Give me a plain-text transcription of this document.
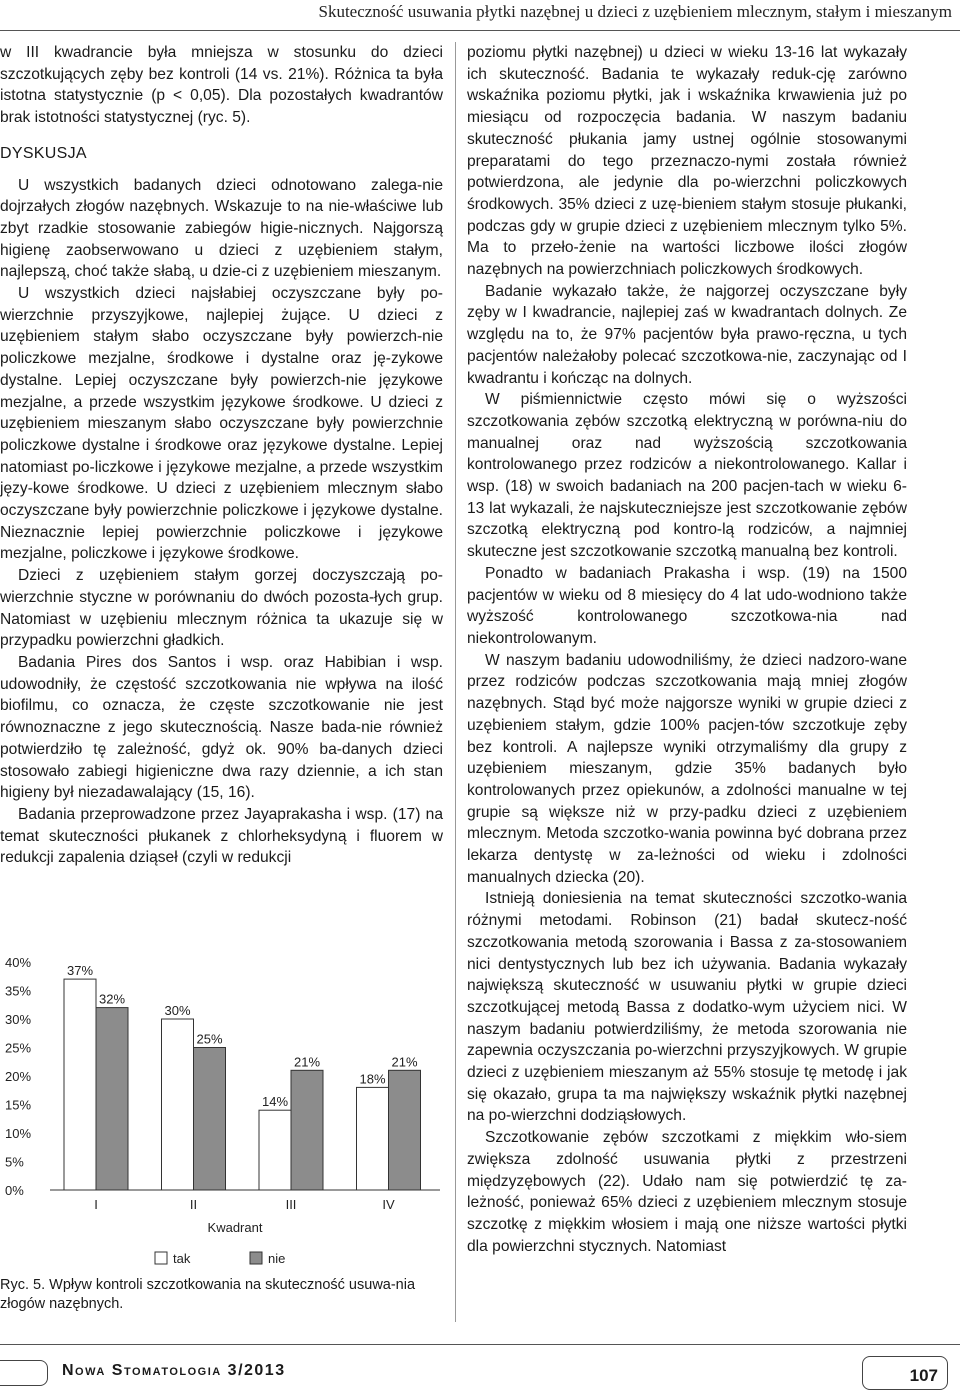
Skuteczność usuwania płytki nazębnej u dzieci z uzębieniem mlecznym, stałym i mieszanym

w III kwadrancie była mniejsza w stosunku do dzieci szczotkujących zęby bez kontroli (14 vs. 21%). Różnica ta była istotna statystycznie (p < 0,05). Dla pozostałych kwadrantów brak istotności statystycznej (ryc. 5).

DYSKUSJA

U wszystkich badanych dzieci odnotowano zalega-nie dojrzałych złogów nazębnych. Wskazuje to na nie-właściwe lub zbyt rzadkie stosowanie zabiegów higie-nicznych. Najgorszą higienę zaobserwowano u dzieci z uzębieniem stałym, najlepszą, choć także słabą, u dzie-ci z uzębieniem mieszanym.

U wszystkich dzieci najsłabiej oczyszczane były po-wierzchnie przyszyjkowe, najlepiej żujące. U dzieci z uzębieniem stałym słabo oczyszczane były powierzch-nie policzkowe mezjalne, środkowe i dystalne oraz ję-zykowe dystalne. Lepiej oczyszczane były powierzch-nie językowe mezjalne, a przede wszystkim językowe środkowe. U dzieci z uzębieniem mieszanym słabo oczyszczane były powierzchnie policzkowe dystalne i środkowe oraz językowe dystalne. Lepiej natomiast po-liczkowe i językowe mezjalne, a przede wszystkim języ-kowe środkowe. U dzieci z uzębieniem mlecznym słabo oczyszczane były powierzchnie policzkowe i językowe dystalne. Nieznacznie lepiej powierzchnie policzkowe i językowe mezjalne, policzkowe i językowe środkowe.

Dzieci z uzębieniem stałym gorzej doczyszczają po-wierzchnie styczne w porównaniu do dwóch pozosta-łych grup. Natomiast w uzębieniu mlecznym różnica ta ukazuje się w przypadku powierzchni gładkich.

Badania Pires dos Santos i wsp. oraz Habibian i wsp. udowodniły, że częstość szczotkowania nie wpływa na ilość biofilmu, co oznacza, że częste szczotkowanie nie jest równoznaczne z jego skutecznością. Nasze bada-nie również potwierdziło tę zależność, gdyż ok. 90% ba-danych dzieci stosowało zabiegi higieniczne dwa razy dziennie, a ich stan higieny był niezadawalający (15, 16).

Badania przeprowadzone przez Jayaprakasha i wsp. (17) na temat skuteczności płukanek z chlorheksydyną i fluorem w redukcji zapalenia dziąseł (czyli w redukcji

0%
5%
10%
15%
20%
25%
30%
35%
40%
37%
32%
I
30%
25%
II
14%
21%
III
18%
21%
IV
Kwadrant
tak	nie
Ryc. 5. Wpływ kontroli szczotkowania na skuteczność usuwa-nia złogów nazębnych.

poziomu płytki nazębnej) u dzieci w wieku 13-16 lat wykazały ich skuteczność. Badania te wykazały reduk-cję zarówno wskaźnika poziomu płytki, jak i wskaźnika krwawienia już po miesiącu od rozpoczęcia badania. W naszym badaniu skuteczność płukania jamy ustnej ogólnie stosowanymi preparatami do tego przeznaczo-nymi została również potwierdzona, ale jedynie dla po-wierzchni policzkowych środkowych. 35% dzieci z uzę-bieniem stałym stosuje płukanki, podczas gdy w grupie dzieci z uzębieniem mlecznym tylko 5%. Ma to przeło-żenie na wartości liczbowe ilości złogów nazębnych na powierzchniach policzkowych środkowych.

Badanie wykazało także, że najgorzej oczyszczane były zęby w I kwadrancie, najlepiej zaś w kwadrantach dolnych. Ze względu na to, że 97% pacjentów była prawo-ręczna, u tych pacjentów należałoby polecać szczotkowa-nie, zaczynając od I kwadrantu i kończąc na dolnych.

W piśmiennictwie często mówi się o wyższości szczotkowania zębów szczotką elektryczną w porówna-niu do manualnej oraz nad wyższością szczotkowania kontrolowanego przez rodziców a niekontrolowanego. Kallar i wsp. (18) w swoich badaniach na 200 pacjen-tach w wieku 6-13 lat wykazali, że najskuteczniejsze jest szczotkowanie zębów szczotką elektryczną pod kontro-lą rodziców, a najmniej skuteczne jest szczotkowanie szczotką manualną bez kontroli.

Ponadto w badaniach Prakasha i wsp. (19) na 1500 pacjentów w wieku od 8 miesięcy do 4 lat udo-wodniono także wyższość kontrolowanego szczotkowa-nia nad niekontrolowanym.

W naszym badaniu udowodniliśmy, że dzieci nadzoro-wane przez rodziców podczas szczotkowania mają mniej złogów nazębnych. Stąd być może najgorsze wyniki w grupie dzieci z uzębieniem stałym, gdzie 100% pacjen-tów szczotkuje zęby bez kontroli. A najlepsze wyniki otrzymaliśmy dla grupy z uzębieniem mieszanym, gdzie 35% badanych było kontrolowanych przez opiekunów, a zdolności manualne w tej grupie są większe niż w przy-padku dzieci z uzębieniem mlecznym. Metoda szczotko-wania powinna być dobrana przez lekarza dentystę w za-leżności od wieku i zdolności manualnych dziecka (20).

Istnieją doniesienia na temat skuteczności szczotko-wania różnymi metodami. Robinson (21) badał skutecz-ność szczotkowania metodą szorowania i Bassa z za-stosowaniem nici dentystycznych lub bez ich używania. Badania wykazały największą skuteczność w usuwaniu płytki w grupie dzieci szczotkującej metodą Bassa z dodatko-wym użyciem nici. W naszym badaniu potwierdziliśmy, że metoda szorowania nie zapewnia oczyszczania po-wierzchni przyszyjkowych. W grupie dzieci z uzębieniem mieszanym aż 55% stosuje tę metodę i jak się okazało, grupa ta ma największy wskaźnik płytki nazębnej na po-wierzchni dodziąsłowych.

Szczotkowanie zębów szczotkami z miękkim wło-siem zwiększa zdolność usuwania płytki z przestrzeni międzyzębowych (22). Udało nam się potwierdzić tę za-leżność, ponieważ 65% dzieci z uzębieniem mlecznym stosuje szczotkę z miękkim włosiem i mają one niższe wartości płytki dla powierzchni stycznych. Natomiast

Nowa Stomatologia 3/2013	107
